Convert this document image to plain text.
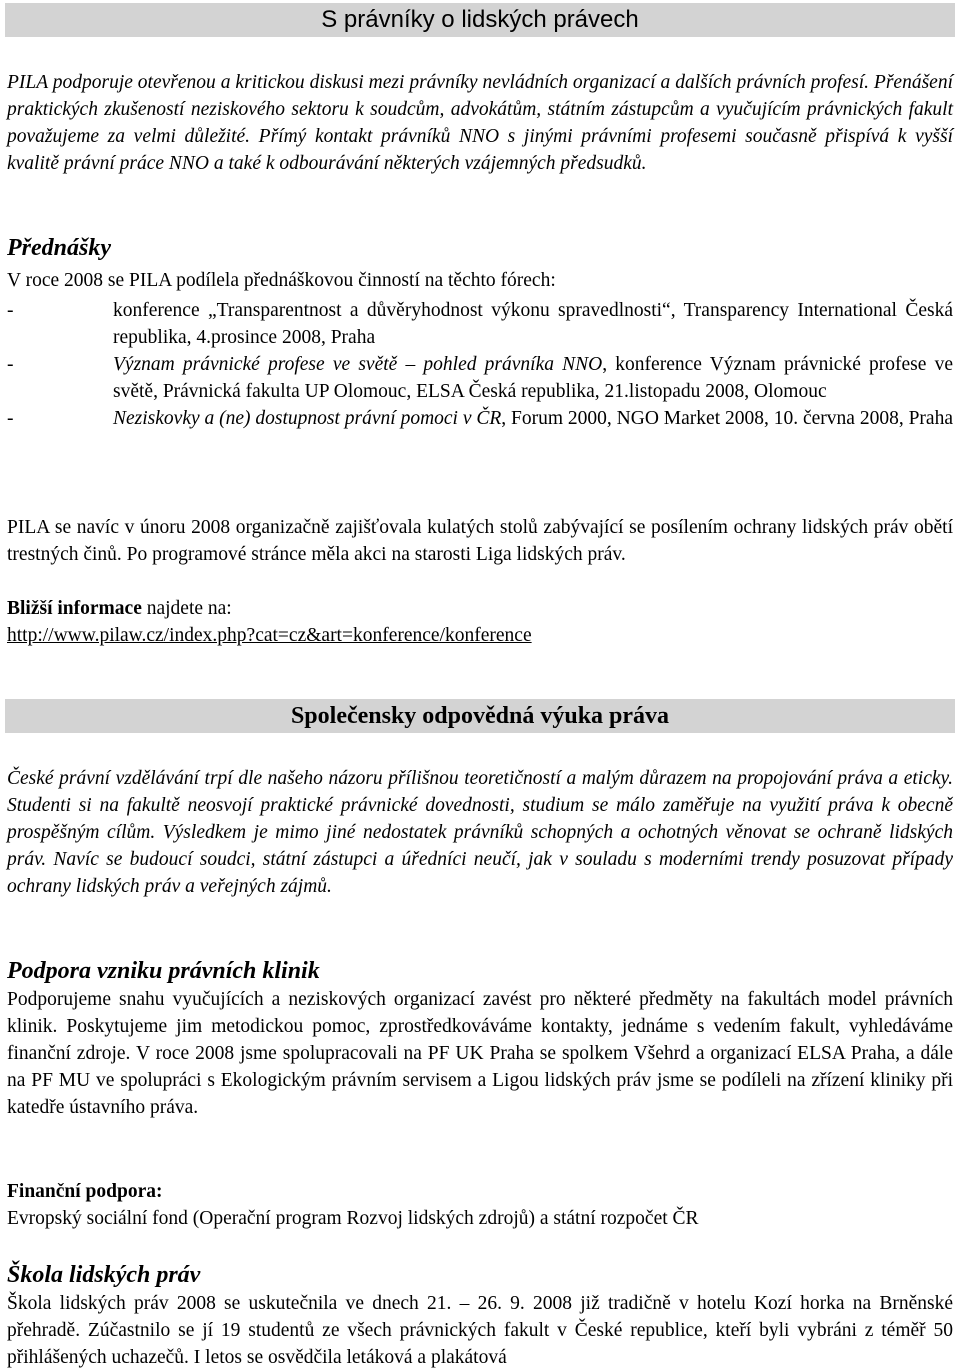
S právníky o lidských právech
PILA podporuje otevřenou a kritickou diskusi mezi právníky nevládních organizací a dalších právních profesí. Přenášení praktických zkušeností neziskového sektoru k soudcům, advokátům, státním zástupcům a vyučujícím právnických fakult považujeme za velmi důležité. Přímý kontakt právníků NNO s jinými právními profesemi současně přispívá k vyšší kvalitě právní práce NNO a také k odbourávání některých vzájemných předsudků.
Přednášky
V roce 2008 se PILA podílela přednáškovou činností na těchto fórech:
-	konference „Transparentnost a důvěryhodnost výkonu spravedlnosti“, Transparency International Česká republika, 4.prosince 2008, Praha
-	Význam právnické profese ve světě – pohled právníka NNO, konference Význam právnické profese ve světě, Právnická fakulta UP Olomouc, ELSA Česká republika, 21.listopadu 2008, Olomouc
-	Neziskovky a (ne) dostupnost právní pomoci v ČR, Forum 2000, NGO Market 2008, 10. června 2008, Praha
PILA se navíc v únoru 2008 organizačně zajišťovala kulatých stolů zabývající se posílením ochrany lidských práv obětí trestných činů. Po programové stránce měla akci na starosti Liga lidských práv.
Bližší informace najdete na:
http://www.pilaw.cz/index.php?cat=cz&art=konference/konference
Společensky odpovědná výuka práva
České právní vzdělávání trpí dle našeho názoru přílišnou teoretičností a malým důrazem na propojování práva a eticky. Studenti si na fakultě neosvojí praktické právnické dovednosti, studium se málo zaměřuje na využití práva k obecně prospěšným cílům. Výsledkem je mimo jiné nedostatek právníků schopných a ochotných věnovat se ochraně lidských práv. Navíc se budoucí soudci, státní zástupci a úředníci neučí, jak v souladu s moderními trendy posuzovat případy ochrany lidských práv a veřejných zájmů.
Podpora vzniku právních klinik
Podporujeme snahu vyučujících a neziskových organizací zavést pro některé předměty na fakultách model právních klinik. Poskytujeme jim metodickou pomoc, zprostředkováváme kontakty, jednáme s vedením fakult, vyhledáváme finanční zdroje. V roce 2008 jsme spolupracovali na PF UK Praha se spolkem Všehrd a organizací ELSA Praha, a dále na PF MU ve spolupráci s Ekologickým právním servisem a Ligou lidských práv jsme se podíleli na zřízení kliniky při katedře ústavního práva.
Finanční podpora:
Evropský sociální fond (Operační program Rozvoj lidských zdrojů) a státní rozpočet ČR
Škola lidských práv
Škola lidských práv 2008 se uskutečnila ve dnech 21. – 26. 9. 2008 již tradičně v hotelu Kozí horka na Brněnské přehradě. Zúčastnilo se jí 19 studentů ze všech právnických fakult v České republice, kteří byli vybráni z téměř 50 přihlášených uchazečů. I letos se osvědčila letáková a plakátová
